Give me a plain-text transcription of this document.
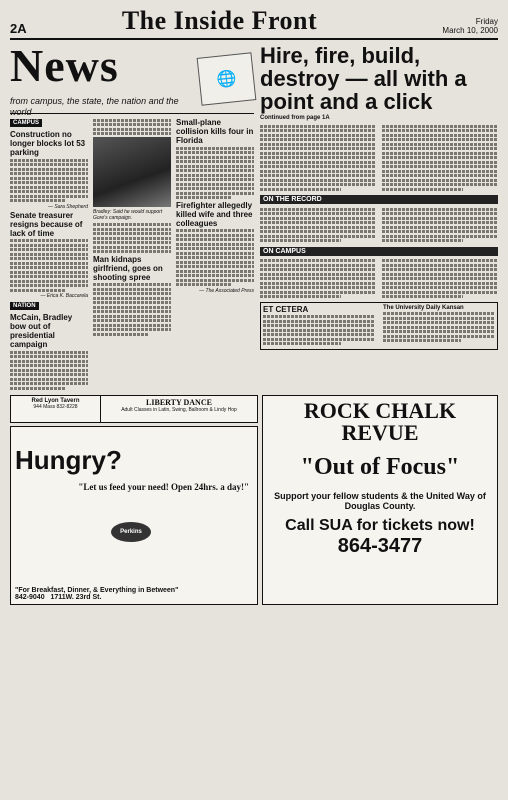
2A	The Inside Front	Friday
March 10, 2000
News
from campus, the state, the nation and the world
🌐
CAMPUS
Construction no longer blocks lot 53 parking
— Sara Shepherd
Senate treasurer resigns because of lack of time
— Erica K. Baccarela
NATION
McCain, Bradley bow out of presidential campaign
Bradley: Said he would support Gore's campaign.
Man kidnaps girlfriend, goes on shooting spree
Small-plane collision kills four in Florida
Firefighter allegedly killed wife and three colleagues
— The Associated Press
Hire, fire, build, destroy — all with a point and a click
Continued from page 1A
ON THE RECORD
ON CAMPUS
ET CETERA	The University Daily Kansan
Red Lyon Tavern
944 Mass 832-8228	LIBERTY DANCE
Adult Classes in Latin, Swing, Ballroom & Lindy Hop
Hungry?
"Let us feed your need! Open 24hrs. a day!"
Perkins
"For Breakfast, Dinner, & Everything in Between"
842-9040 1711W. 23rd St.
ROCK CHALK REVUE
"Out of Focus"
Support your fellow students & the United Way of Douglas County.
Call SUA for tickets now!
864-3477
